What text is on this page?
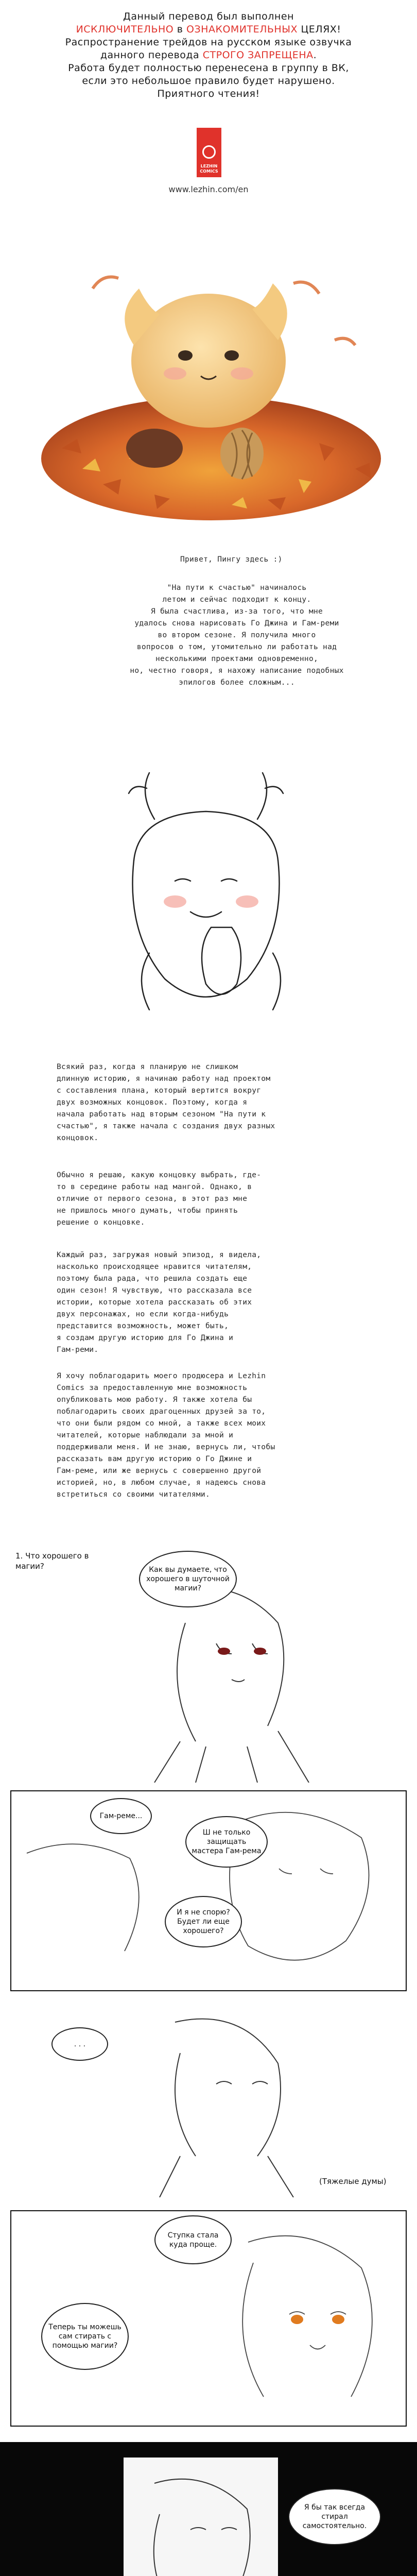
Данный перевод был выполнен
ИСКЛЮЧИТЕЛЬНО в ОЗНАКОМИТЕЛЬНЫХ ЦЕЛЯХ!
Распространение трейдов на русском языке озвучка
данного перевода СТРОГО ЗАПРЕЩЕНА.
Работа будет полностью перенесена в группу в ВК,
если это небольшое правило будет нарушено.
Приятного чтения!
LEZHIN
COMICS
www.lezhin.com/en
Привет, Пингу здесь :)
"На пути к счастью" начиналось
летом и сейчас подходит к концу.
Я была счастлива, из-за того, что мне
удалось снова нарисовать Го Джина и Гам-реми
во втором сезоне. Я получила много
вопросов о том, утомительно ли работать над
несколькими проектами одновременно,
но, честно говоря, я нахожу написание подобных
эпилогов более сложным...
Всякий раз, когда я планирую не слишком
длинную историю, я начинаю работу над проектом
с составления плана, который вертится вокруг
двух возможных концовок. Поэтому, когда я
начала работать над вторым сезоном "На пути к
счастью", я также начала с создания двух разных
концовок.
Обычно я решаю, какую концовку выбрать, где-
то в середине работы над мангой. Однако, в
отличие от первого сезона, в этот раз мне
не пришлось много думать, чтобы принять
решение о концовке.
Каждый раз, загружая новый эпизод, я видела,
насколько происходящее нравится читателям,
поэтому была рада, что решила создать еще
один сезон! Я чувствую, что рассказала все
истории, которые хотела рассказать об этих
двух персонажах, но если когда-нибудь
представится возможность, может быть,
я создам другую историю для Го Джина и
Гам-реми.
Я хочу поблагодарить моего продюсера и Lezhin
Comics за предоставленную мне возможность
опубликовать мою работу. Я также хотела бы
поблагодарить своих драгоценных друзей за то,
что они были рядом со мной, а также всех моих
читателей, которые наблюдали за мной и
поддерживали меня. И не знаю, вернусь ли, чтобы
рассказать вам другую историю о Го Джине и
Гам-реме, или же вернусь с совершенно другой
историей, но, в любом случае, я надеюсь снова
встретиться со своими читателями.
1. Что хорошего в магии?	Как вы думаете, что хорошего в шуточной магии?
Гам-реме...
Ш не только защищать мастера Гам-рема
И я не спорю? Будет ли еще хорошего?
. . .
(Тяжелые думы)
Ступка стала куда проще.
Теперь ты можешь сам стирать с помощью магии?
Я бы так всегда стирал самостоятельно.
